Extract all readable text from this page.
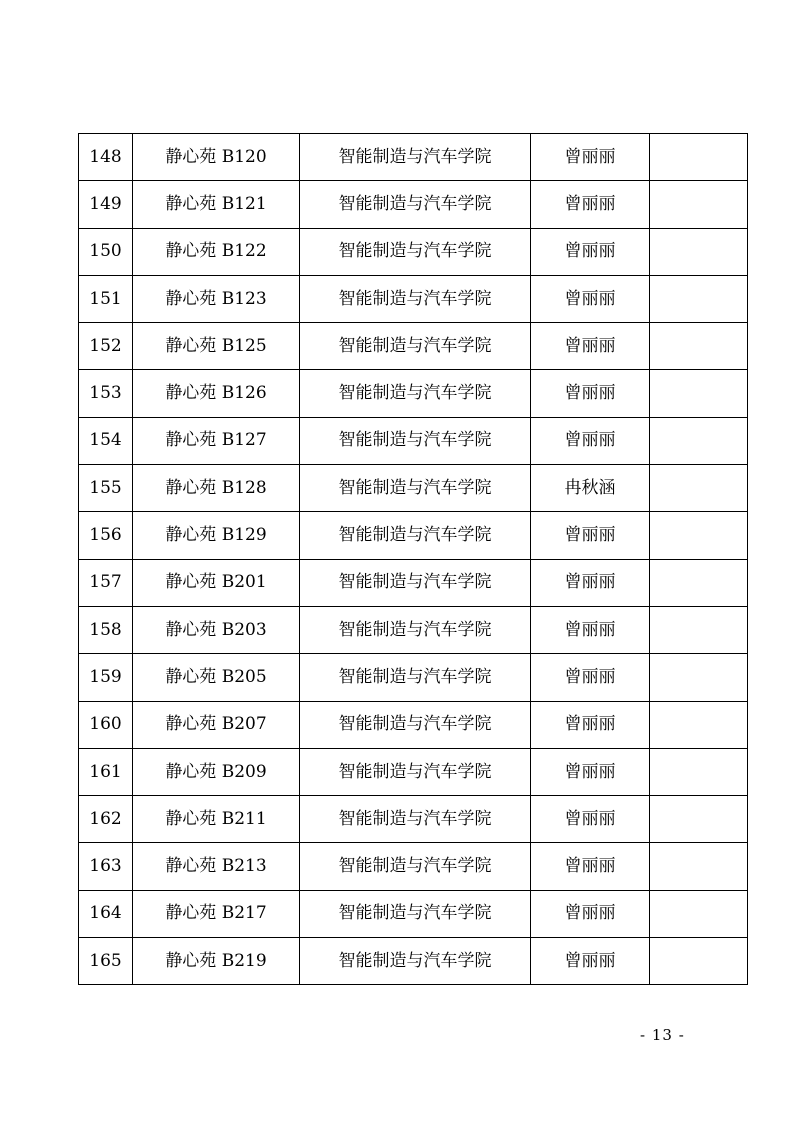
148	静心苑 B120	智能制造与汽车学院	曾丽丽	
149	静心苑 B121	智能制造与汽车学院	曾丽丽	
150	静心苑 B122	智能制造与汽车学院	曾丽丽	
151	静心苑 B123	智能制造与汽车学院	曾丽丽	
152	静心苑 B125	智能制造与汽车学院	曾丽丽	
153	静心苑 B126	智能制造与汽车学院	曾丽丽	
154	静心苑 B127	智能制造与汽车学院	曾丽丽	
155	静心苑 B128	智能制造与汽车学院	冉秋涵	
156	静心苑 B129	智能制造与汽车学院	曾丽丽	
157	静心苑 B201	智能制造与汽车学院	曾丽丽	
158	静心苑 B203	智能制造与汽车学院	曾丽丽	
159	静心苑 B205	智能制造与汽车学院	曾丽丽	
160	静心苑 B207	智能制造与汽车学院	曾丽丽	
161	静心苑 B209	智能制造与汽车学院	曾丽丽	
162	静心苑 B211	智能制造与汽车学院	曾丽丽	
163	静心苑 B213	智能制造与汽车学院	曾丽丽	
164	静心苑 B217	智能制造与汽车学院	曾丽丽	
165	静心苑 B219	智能制造与汽车学院	曾丽丽	
- 13 -
